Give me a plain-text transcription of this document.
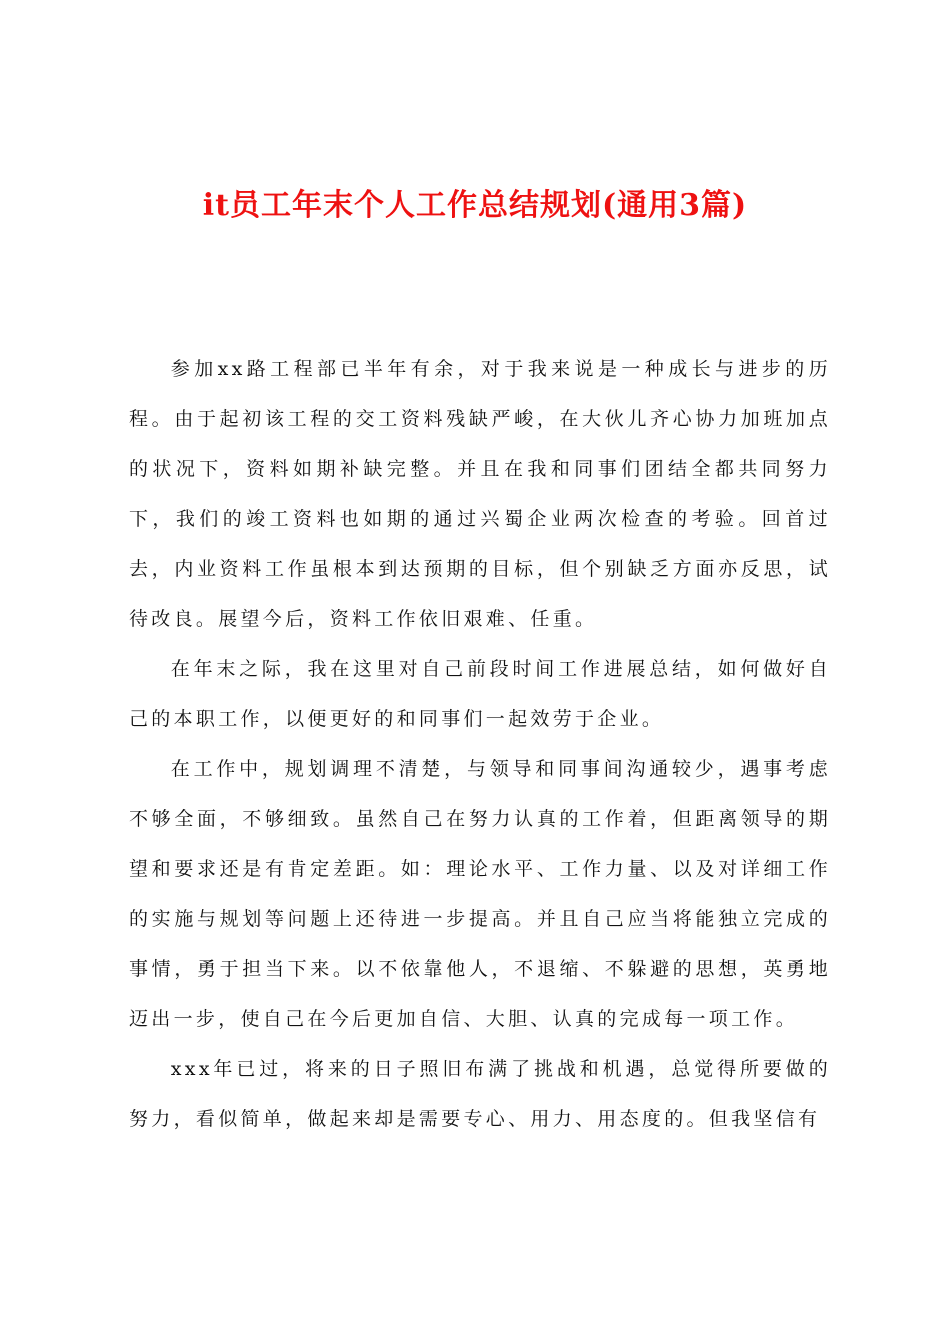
it员工年末个人工作总结规划(通用3篇)

参加xx路工程部已半年有余，对于我来说是一种成长与进步的历程。由于起初该工程的交工资料残缺严峻，在大伙儿齐心协力加班加点的状况下，资料如期补缺完整。并且在我和同事们团结全都共同努力下，我们的竣工资料也如期的通过兴蜀企业两次检查的考验。回首过去，内业资料工作虽根本到达预期的目标，但个别缺乏方面亦反思，试待改良。展望今后，资料工作依旧艰难、任重。

在年末之际，我在这里对自己前段时间工作进展总结，如何做好自己的本职工作，以便更好的和同事们一起效劳于企业。

在工作中，规划调理不清楚，与领导和同事间沟通较少，遇事考虑不够全面，不够细致。虽然自己在努力认真的工作着，但距离领导的期望和要求还是有肯定差距。如：理论水平、工作力量、以及对详细工作的实施与规划等问题上还待进一步提高。并且自己应当将能独立完成的事情，勇于担当下来。以不依靠他人，不退缩、不躲避的思想，英勇地迈出一步，使自己在今后更加自信、大胆、认真的完成每一项工作。

xxx年已过，将来的日子照旧布满了挑战和机遇，总觉得所要做的努力，看似简单，做起来却是需要专心、用力、用态度的。但我坚信有
